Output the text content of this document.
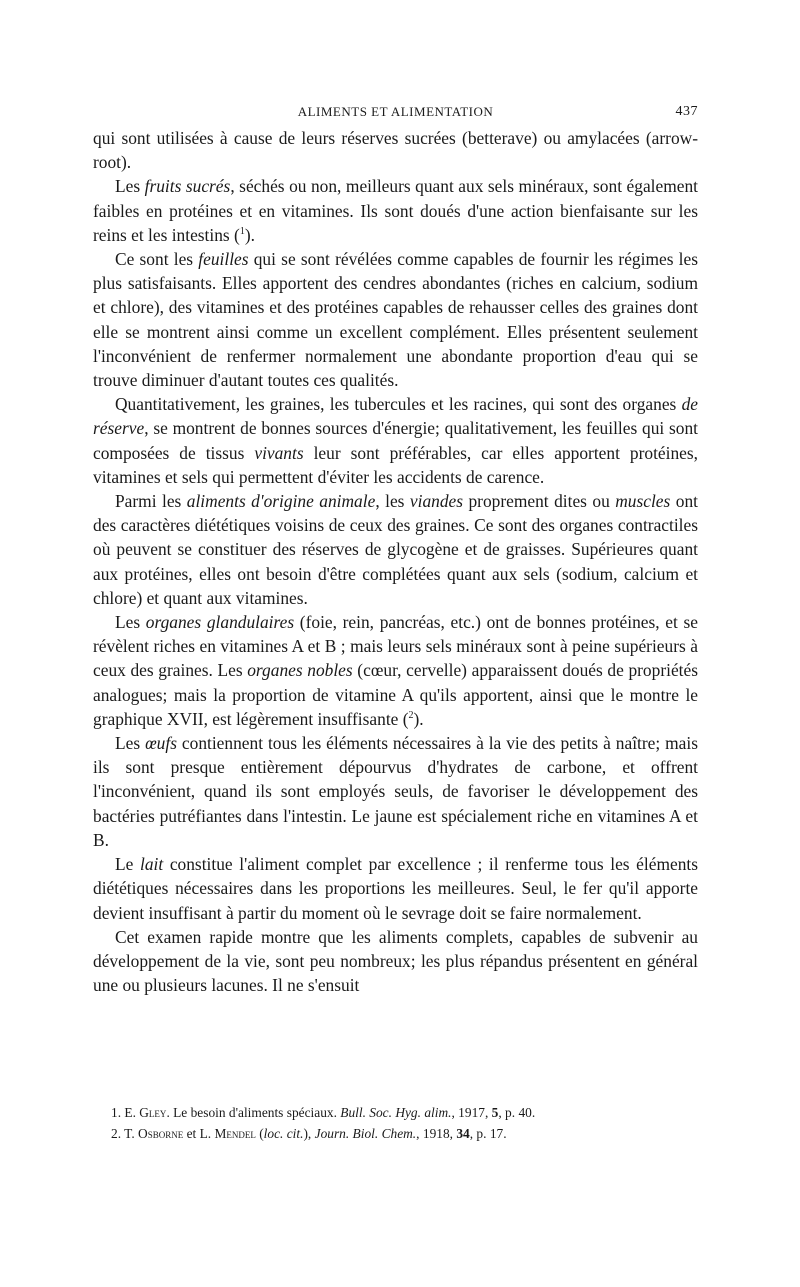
ALIMENTS ET ALIMENTATION	437

qui sont utilisées à cause de leurs réserves sucrées (betterave) ou amylacées (arrow-root).

Les fruits sucrés, séchés ou non, meilleurs quant aux sels minéraux, sont également faibles en protéines et en vitamines. Ils sont doués d'une action bienfaisante sur les reins et les intestins ($^1$).

Ce sont les feuilles qui se sont révélées comme capables de fournir les régimes les plus satisfaisants. Elles apportent des cendres abondantes (riches en calcium, sodium et chlore), des vitamines et des protéines capables de rehausser celles des graines dont elle se montrent ainsi comme un excellent complément. Elles présentent seulement l'inconvénient de renfermer normalement une abondante proportion d'eau qui se trouve diminuer d'autant toutes ces qualités.

Quantitativement, les graines, les tubercules et les racines, qui sont des organes de réserve, se montrent de bonnes sources d'énergie; qualitativement, les feuilles qui sont composées de tissus vivants leur sont préférables, car elles apportent protéines, vitamines et sels qui permettent d'éviter les accidents de carence.

Parmi les aliments d'origine animale, les viandes proprement dites ou muscles ont des caractères diététiques voisins de ceux des graines. Ce sont des organes contractiles où peuvent se constituer des réserves de glycogène et de graisses. Supérieures quant aux protéines, elles ont besoin d'être complétées quant aux sels (sodium, calcium et chlore) et quant aux vitamines.

Les organes glandulaires (foie, rein, pancréas, etc.) ont de bonnes protéines, et se révèlent riches en vitamines A et B ; mais leurs sels minéraux sont à peine supérieurs à ceux des graines. Les organes nobles (cœur, cervelle) apparaissent doués de propriétés analogues; mais la proportion de vitamine A qu'ils apportent, ainsi que le montre le graphique XVII, est légèrement insuffisante ($^2$).

Les œufs contiennent tous les éléments nécessaires à la vie des petits à naître; mais ils sont presque entièrement dépourvus d'hydrates de carbone, et offrent l'inconvénient, quand ils sont employés seuls, de favoriser le développement des bactéries putréfiantes dans l'intestin. Le jaune est spécialement riche en vitamines A et B.

Le lait constitue l'aliment complet par excellence ; il renferme tous les éléments diététiques nécessaires dans les proportions les meilleures. Seul, le fer qu'il apporte devient insuffisant à partir du moment où le sevrage doit se faire normalement.

Cet examen rapide montre que les aliments complets, capables de subvenir au développement de la vie, sont peu nombreux; les plus répandus présentent en général une ou plusieurs lacunes. Il ne s'ensuit

1. E. Gley. Le besoin d'aliments spéciaux. Bull. Soc. Hyg. alim., 1917, 5, p. 40.
2. T. Osborne et L. Mendel (loc. cit.), Journ. Biol. Chem., 1918, 34, p. 17.
